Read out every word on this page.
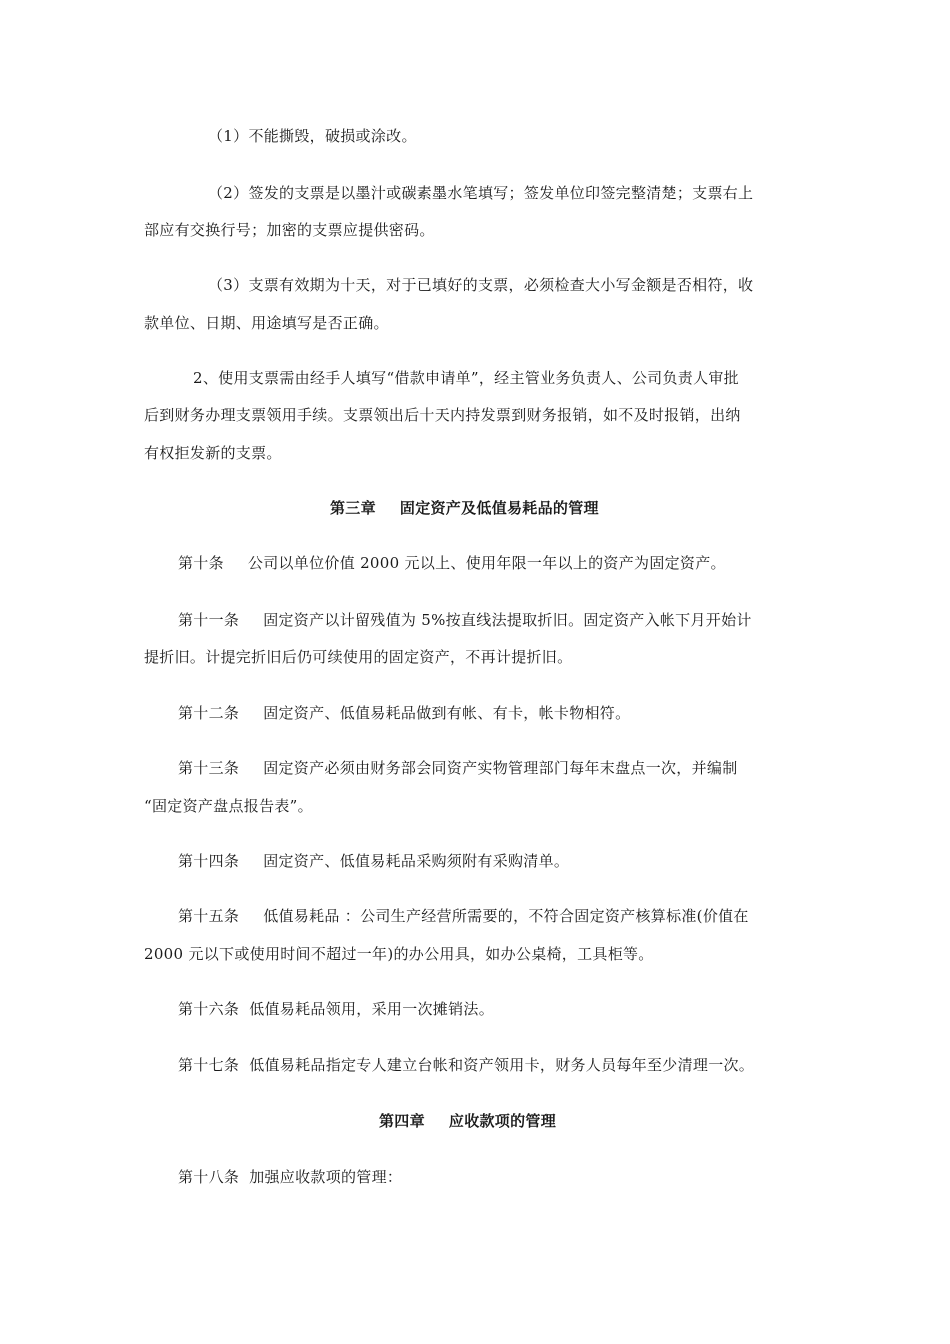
（1）不能撕毁，破损或涂改。
（2）签发的支票是以墨汁或碳素墨水笔填写；签发单位印签完整清楚；支票右上
部应有交换行号；加密的支票应提供密码。
（3）支票有效期为十天，对于已填好的支票，必须检查大小写金额是否相符，收
款单位、日期、用途填写是否正确。
2、使用支票需由经手人填写“借款申请单”，经主管业务负责人、公司负责人审批
后到财务办理支票领用手续。支票领出后十天内持发票到财务报销，如不及时报销，出纳
有权拒发新的支票。
第三章 固定资产及低值易耗品的管理
第十条 公司以单位价值 2000 元以上、使用年限一年以上的资产为固定资产。
第十一条 固定资产以计留残值为 5%按直线法提取折旧。固定资产入帐下月开始计
提折旧。计提完折旧后仍可续使用的固定资产，不再计提折旧。
第十二条 固定资产、低值易耗品做到有帐、有卡，帐卡物相符。
第十三条 固定资产必须由财务部会同资产实物管理部门每年末盘点一次，并编制
“固定资产盘点报告表”。
第十四条 固定资产、低值易耗品采购须附有采购清单。
第十五条 低值易耗品 ：公司生产经营所需要的，不符合固定资产核算标准(价值在
2000 元以下或使用时间不超过一年)的办公用具，如办公桌椅，工具柜等。
第十六条 低值易耗品领用，采用一次摊销法。
第十七条 低值易耗品指定专人建立台帐和资产领用卡，财务人员每年至少清理一次。
第四章 应收款项的管理
第十八条 加强应收款项的管理：
